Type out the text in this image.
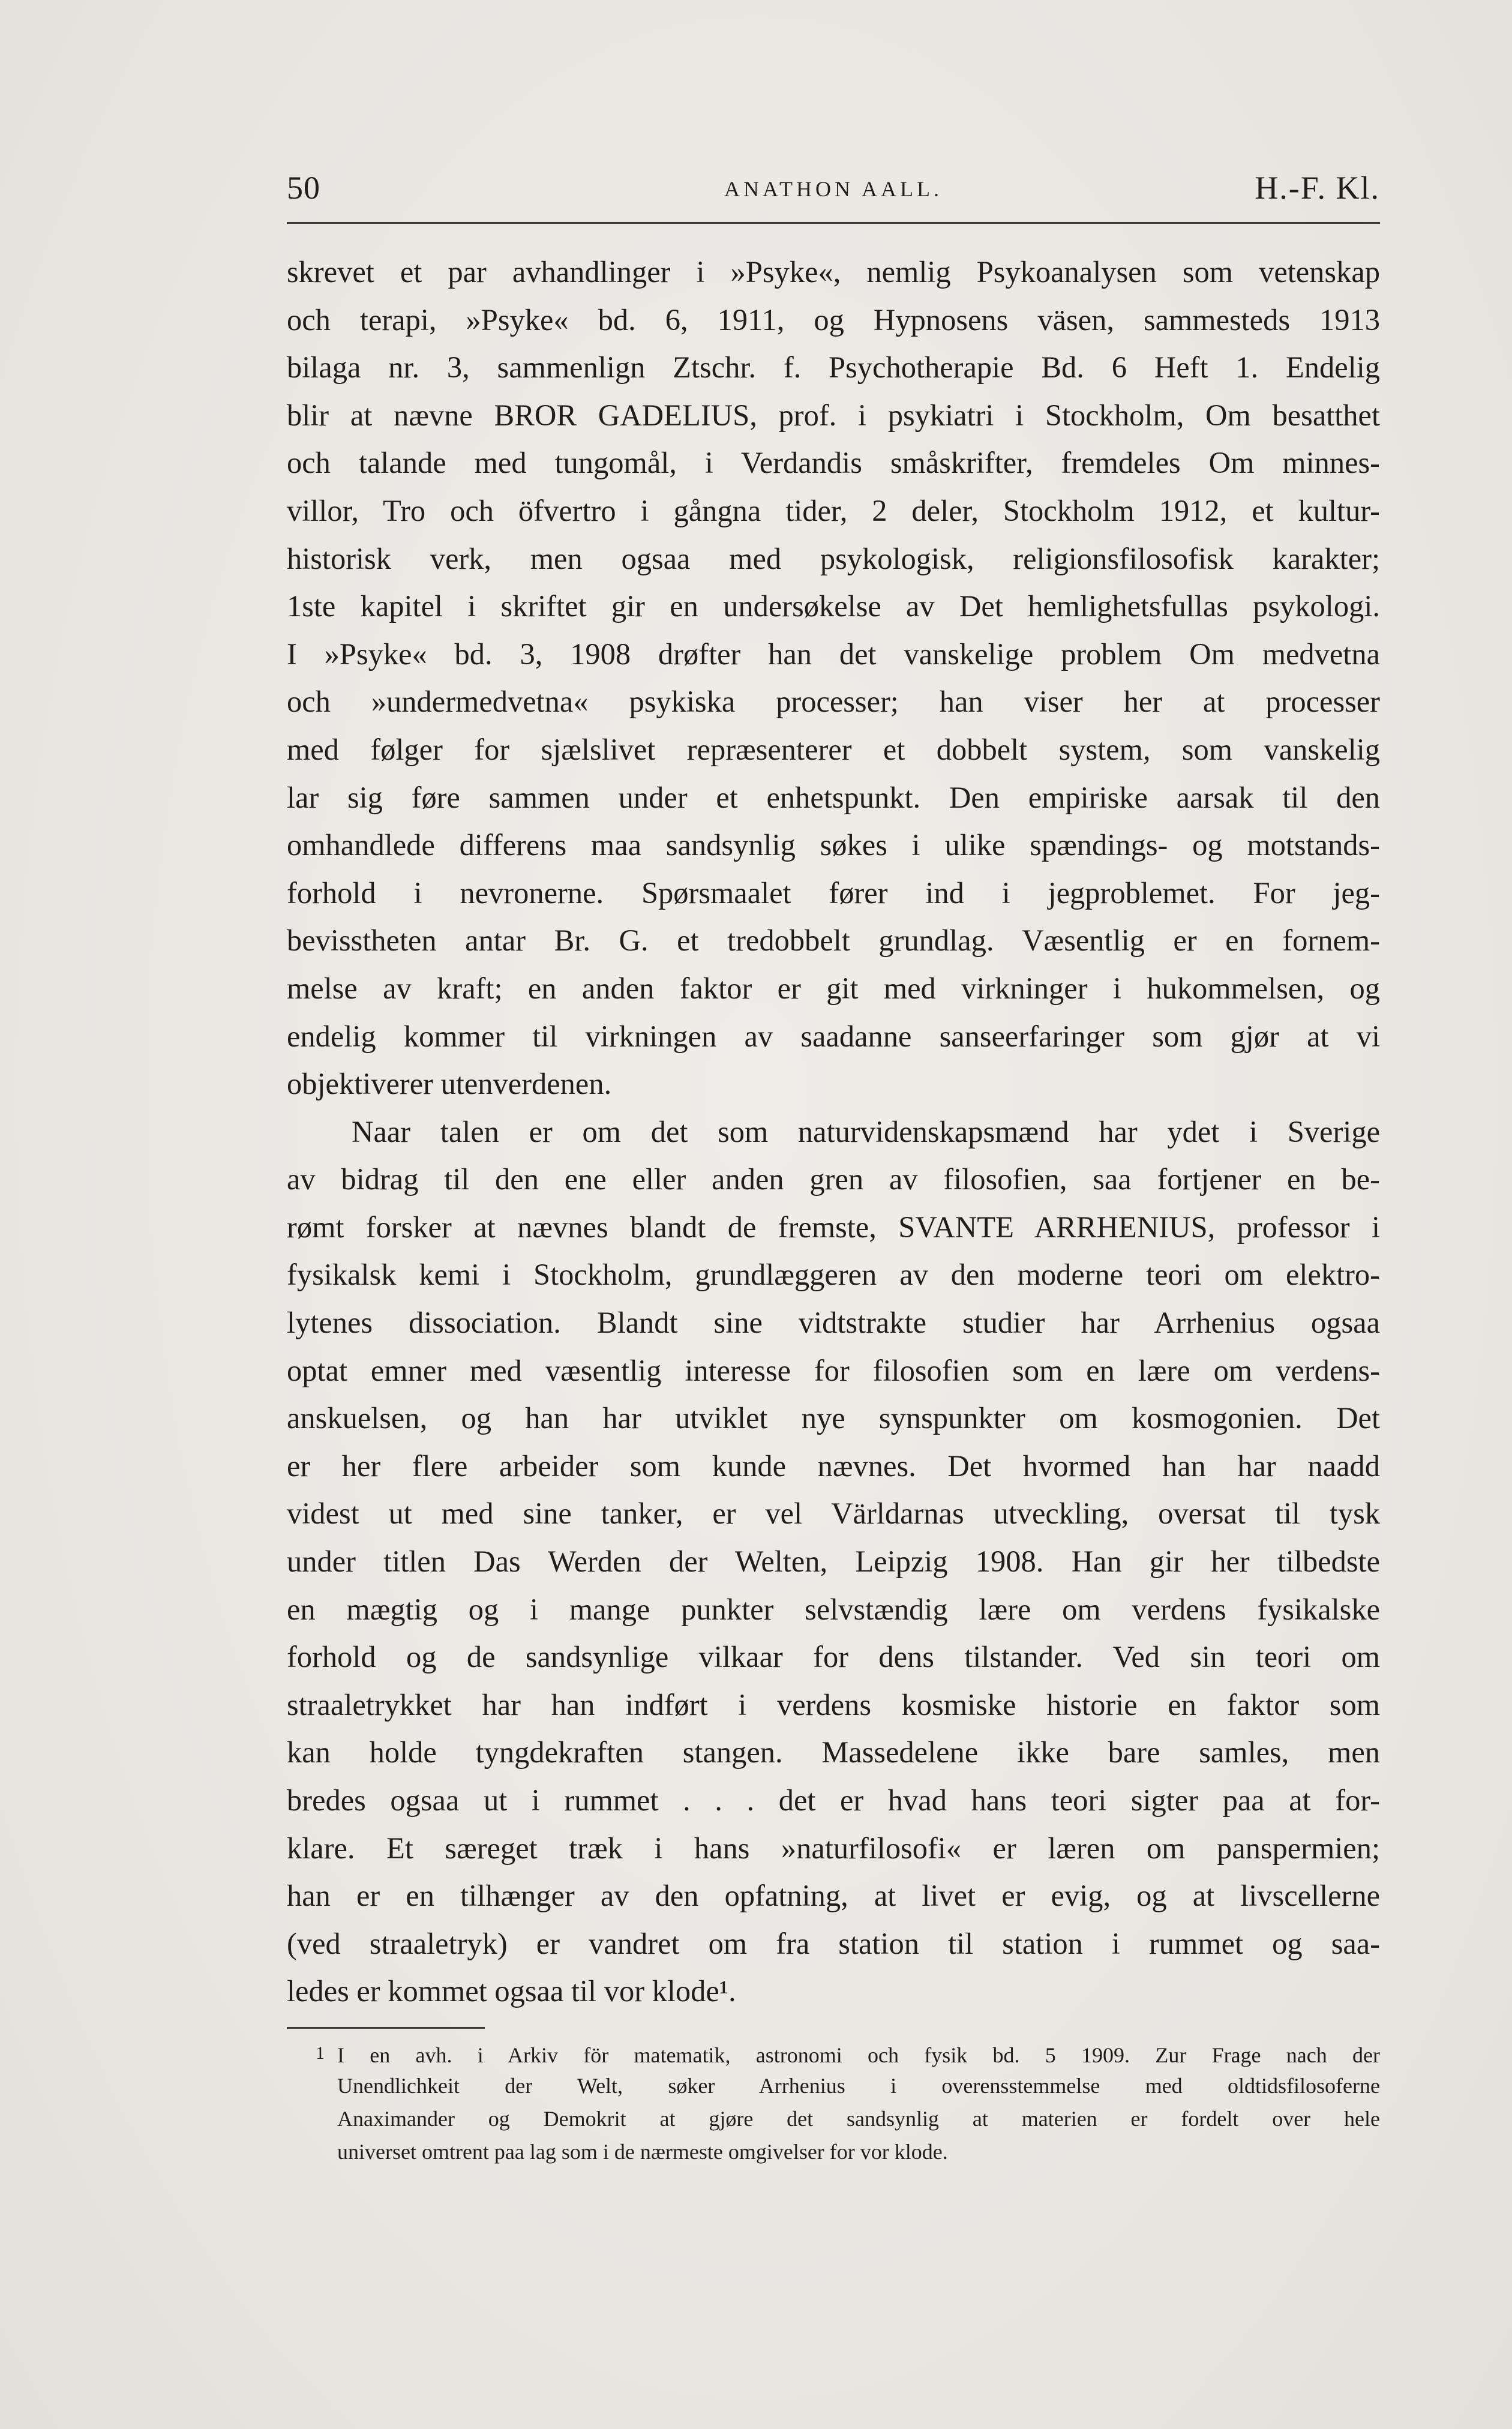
50	ANATHON AALL.	H.-F. Kl.
skrevet et par avhandlinger i »Psyke«, nemlig Psykoanalysen som vetenskap
och terapi, »Psyke« bd. 6, 1911, og Hypnosens väsen, sammesteds 1913
bilaga nr. 3, sammenlign Ztschr. f. Psychotherapie Bd. 6 Heft 1. Endelig
blir at nævne BROR GADELIUS, prof. i psykiatri i Stockholm, Om besatthet
och talande med tungomål, i Verdandis småskrifter, fremdeles Om minnes-
villor, Tro och öfvertro i gångna tider, 2 deler, Stockholm 1912, et kultur-
historisk verk, men ogsaa med psykologisk, religionsfilosofisk karakter;
1ste kapitel i skriftet gir en undersøkelse av Det hemlighetsfullas psykologi.
I »Psyke« bd. 3, 1908 drøfter han det vanskelige problem Om medvetna
och »undermedvetna« psykiska processer; han viser her at processer
med følger for sjælslivet repræsenterer et dobbelt system, som vanskelig
lar sig føre sammen under et enhetspunkt. Den empiriske aarsak til den
omhandlede differens maa sandsynlig søkes i ulike spændings- og motstands-
forhold i nevronerne. Spørsmaalet fører ind i jegproblemet. For jeg-
bevisstheten antar Br. G. et tredobbelt grundlag. Væsentlig er en fornem-
melse av kraft; en anden faktor er git med virkninger i hukommelsen, og
endelig kommer til virkningen av saadanne sanseerfaringer som gjør at vi
objektiverer utenverdenen.
Naar talen er om det som naturvidenskapsmænd har ydet i Sverige
av bidrag til den ene eller anden gren av filosofien, saa fortjener en be-
rømt forsker at nævnes blandt de fremste, SVANTE ARRHENIUS, professor i
fysikalsk kemi i Stockholm, grundlæggeren av den moderne teori om elektro-
lytenes dissociation. Blandt sine vidtstrakte studier har Arrhenius ogsaa
optat emner med væsentlig interesse for filosofien som en lære om verdens-
anskuelsen, og han har utviklet nye synspunkter om kosmogonien. Det
er her flere arbeider som kunde nævnes. Det hvormed han har naadd
videst ut med sine tanker, er vel Världarnas utveckling, oversat til tysk
under titlen Das Werden der Welten, Leipzig 1908. Han gir her tilbedste
en mægtig og i mange punkter selvstændig lære om verdens fysikalske
forhold og de sandsynlige vilkaar for dens tilstander. Ved sin teori om
straaletrykket har han indført i verdens kosmiske historie en faktor som
kan holde tyngdekraften stangen. Massedelene ikke bare samles, men
bredes ogsaa ut i rummet . . . det er hvad hans teori sigter paa at for-
klare. Et særeget træk i hans »naturfilosofi« er læren om panspermien;
han er en tilhænger av den opfatning, at livet er evig, og at livscellerne
(ved straaletryk) er vandret om fra station til station i rummet og saa-
ledes er kommet ogsaa til vor klode¹.
1 I en avh. i Arkiv för matematik, astronomi och fysik bd. 5 1909. Zur Frage nach der
Unendlichkeit der Welt, søker Arrhenius i overensstemmelse med oldtidsfilosoferne
Anaximander og Demokrit at gjøre det sandsynlig at materien er fordelt over hele
universet omtrent paa lag som i de nærmeste omgivelser for vor klode.
